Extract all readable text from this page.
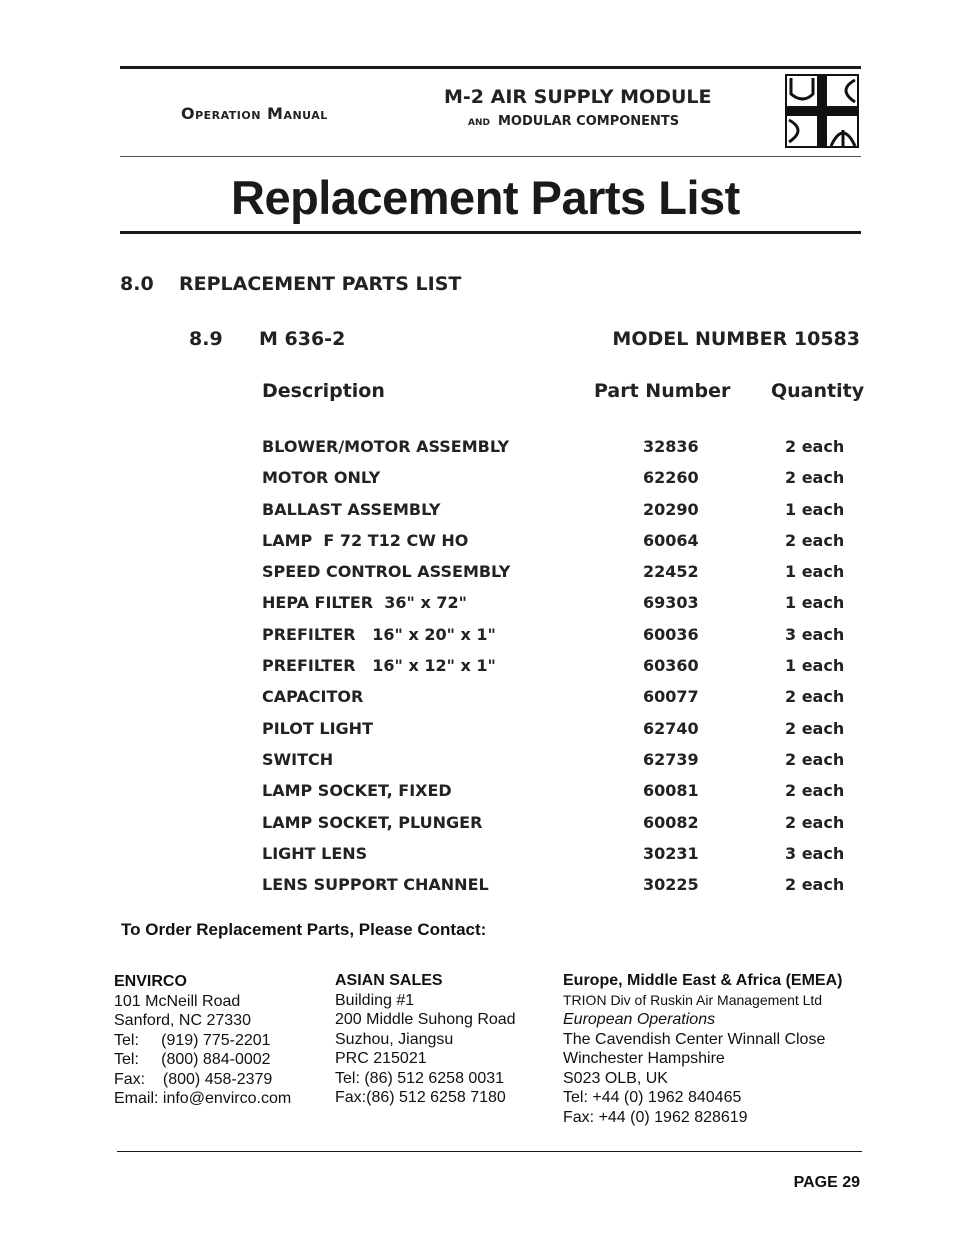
Operation Manual
M-2 AIR SUPPLY MODULE
AND MODULAR COMPONENTS
Replacement Parts List
8.0 REPLACEMENT PARTS LIST
8.9 M 636-2	MODEL NUMBER 10583
Description	Part Number Quantity
BLOWER/MOTOR ASSEMBLY	32836	2 each
MOTOR ONLY	62260	2 each
BALLAST ASSEMBLY	20290	1 each
LAMP  F 72 T12 CW HO	60064	2 each
SPEED CONTROL ASSEMBLY	22452	1 each
HEPA FILTER  36" x 72"	69303	1 each
PREFILTER   16" x 20" x 1"	60036	3 each
PREFILTER   16" x 12" x 1"	60360	1 each
CAPACITOR	60077	2 each
PILOT LIGHT	62740	2 each
SWITCH	62739	2 each
LAMP SOCKET, FIXED	60081	2 each
LAMP SOCKET, PLUNGER	60082	2 each
LIGHT LENS	30231	3 each
LENS SUPPORT CHANNEL	30225	2 each
To Order Replacement Parts, Please Contact:
ENVIRCO
101 McNeill Road
Sanford, NC 27330
Tel:     (919) 775-2201
Tel:     (800) 884-0002
Fax:    (800) 458-2379
Email: info@envirco.com
ASIAN SALES
Building #1
200 Middle Suhong Road
Suzhou, Jiangsu
PRC 215021
Tel: (86) 512 6258 0031
Fax:(86) 512 6258 7180
Europe, Middle East & Africa (EMEA)
TRION Div of Ruskin Air Management Ltd
European Operations
The Cavendish Center Winnall Close
Winchester Hampshire
S023 OLB, UK
Tel: +44 (0) 1962 840465
Fax: +44 (0) 1962 828619
PAGE 29
